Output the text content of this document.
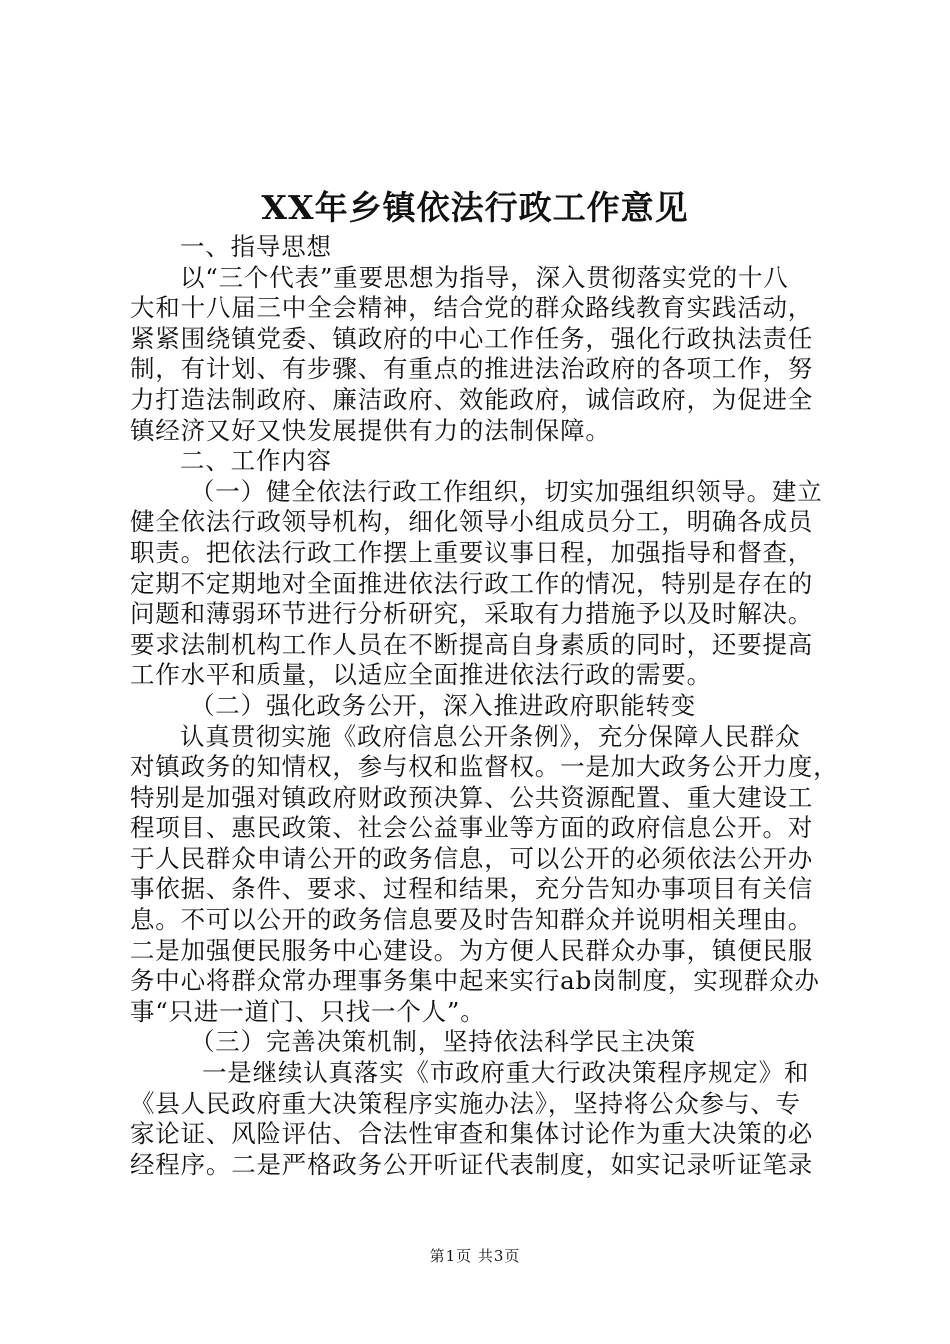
XX年乡镇依法行政工作意见
一、指导思想
以“三个代表”重要思想为指导，深入贯彻落实党的十八
大和十八届三中全会精神，结合党的群众路线教育实践活动，
紧紧围绕镇党委、镇政府的中心工作任务，强化行政执法责任
制，有计划、有步骤、有重点的推进法治政府的各项工作，努
力打造法制政府、廉洁政府、效能政府，诚信政府，为促进全
镇经济又好又快发展提供有力的法制保障。
二、工作内容
（一）健全依法行政工作组织，切实加强组织领导。建立
健全依法行政领导机构，细化领导小组成员分工，明确各成员
职责。把依法行政工作摆上重要议事日程，加强指导和督查，
定期不定期地对全面推进依法行政工作的情况，特别是存在的
问题和薄弱环节进行分析研究，采取有力措施予以及时解决。
要求法制机构工作人员在不断提高自身素质的同时，还要提高
工作水平和质量，以适应全面推进依法行政的需要。
（二）强化政务公开，深入推进政府职能转变
认真贯彻实施《政府信息公开条例》，充分保障人民群众
对镇政务的知情权，参与权和监督权。一是加大政务公开力度，
特别是加强对镇政府财政预决算、公共资源配置、重大建设工
程项目、惠民政策、社会公益事业等方面的政府信息公开。对
于人民群众申请公开的政务信息，可以公开的必须依法公开办
事依据、条件、要求、过程和结果，充分告知办事项目有关信
息。不可以公开的政务信息要及时告知群众并说明相关理由。
二是加强便民服务中心建设。为方便人民群众办事，镇便民服
务中心将群众常办理事务集中起来实行ab岗制度，实现群众办
事“只进一道门、只找一个人”。
（三）完善决策机制，坚持依法科学民主决策
一是继续认真落实《市政府重大行政决策程序规定》和
《县人民政府重大决策程序实施办法》，坚持将公众参与、专
家论证、风险评估、合法性审查和集体讨论作为重大决策的必
经程序。二是严格政务公开听证代表制度，如实记录听证笔录
第1页 共3页
